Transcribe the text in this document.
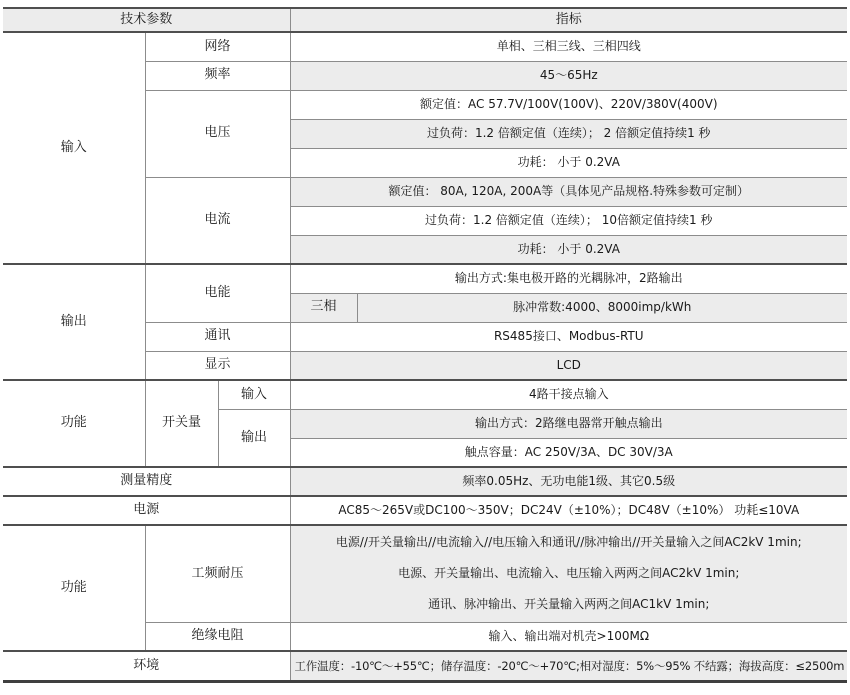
技术参数			指标	
输入	网络		单相、三相三线、三相四线	
	频率		45～65Hz	
	电压		额定值：AC 57.7V/100V(100V)、220V/380V(400V)	
			过负荷：1.2 倍额定值（连续）； 2 倍额定值持续1 秒	
			功耗： 小于 0.2VA	
	电流		额定值： 80A, 120A, 200A等（具体见产品规格.特殊参数可定制）	
			过负荷：1.2 倍额定值（连续）； 10倍额定值持续1 秒	
			功耗： 小于 0.2VA	
输出	电能		输出方式:集电极开路的光耦脉冲，2路输出	
			三相	脉冲常数:4000、8000imp/kWh
	通讯		RS485接口、Modbus-RTU	
	显示		LCD	
功能	开关量	输入	4路干接点输入	
		输出	输出方式：2路继电器常开触点输出	
			触点容量：AC 250V/3A、DC 30V/3A	
测量精度			频率0.05Hz、无功电能1级、其它0.5级	
电源			AC85～265V或DC100～350V；DC24V（±10%）；DC48V（±10%） 功耗≤10VA	
功能	工频耐压		电源//开关量输出//电流输入//电压输入和通讯//脉冲输出//开关量输入之间AC2kV 1min;
电源、开关量输出、电流输入、电压输入两两之间AC2kV 1min;
通讯、脉冲输出、开关量输入两两之间AC1kV 1min;	

	绝缘电阻		输入、输出端对机壳>100MΩ	
环境			工作温度：-10℃～+55℃；储存温度：-20℃～+70℃;相对湿度：5%～95% 不结露；海拔高度：≤2500m	
